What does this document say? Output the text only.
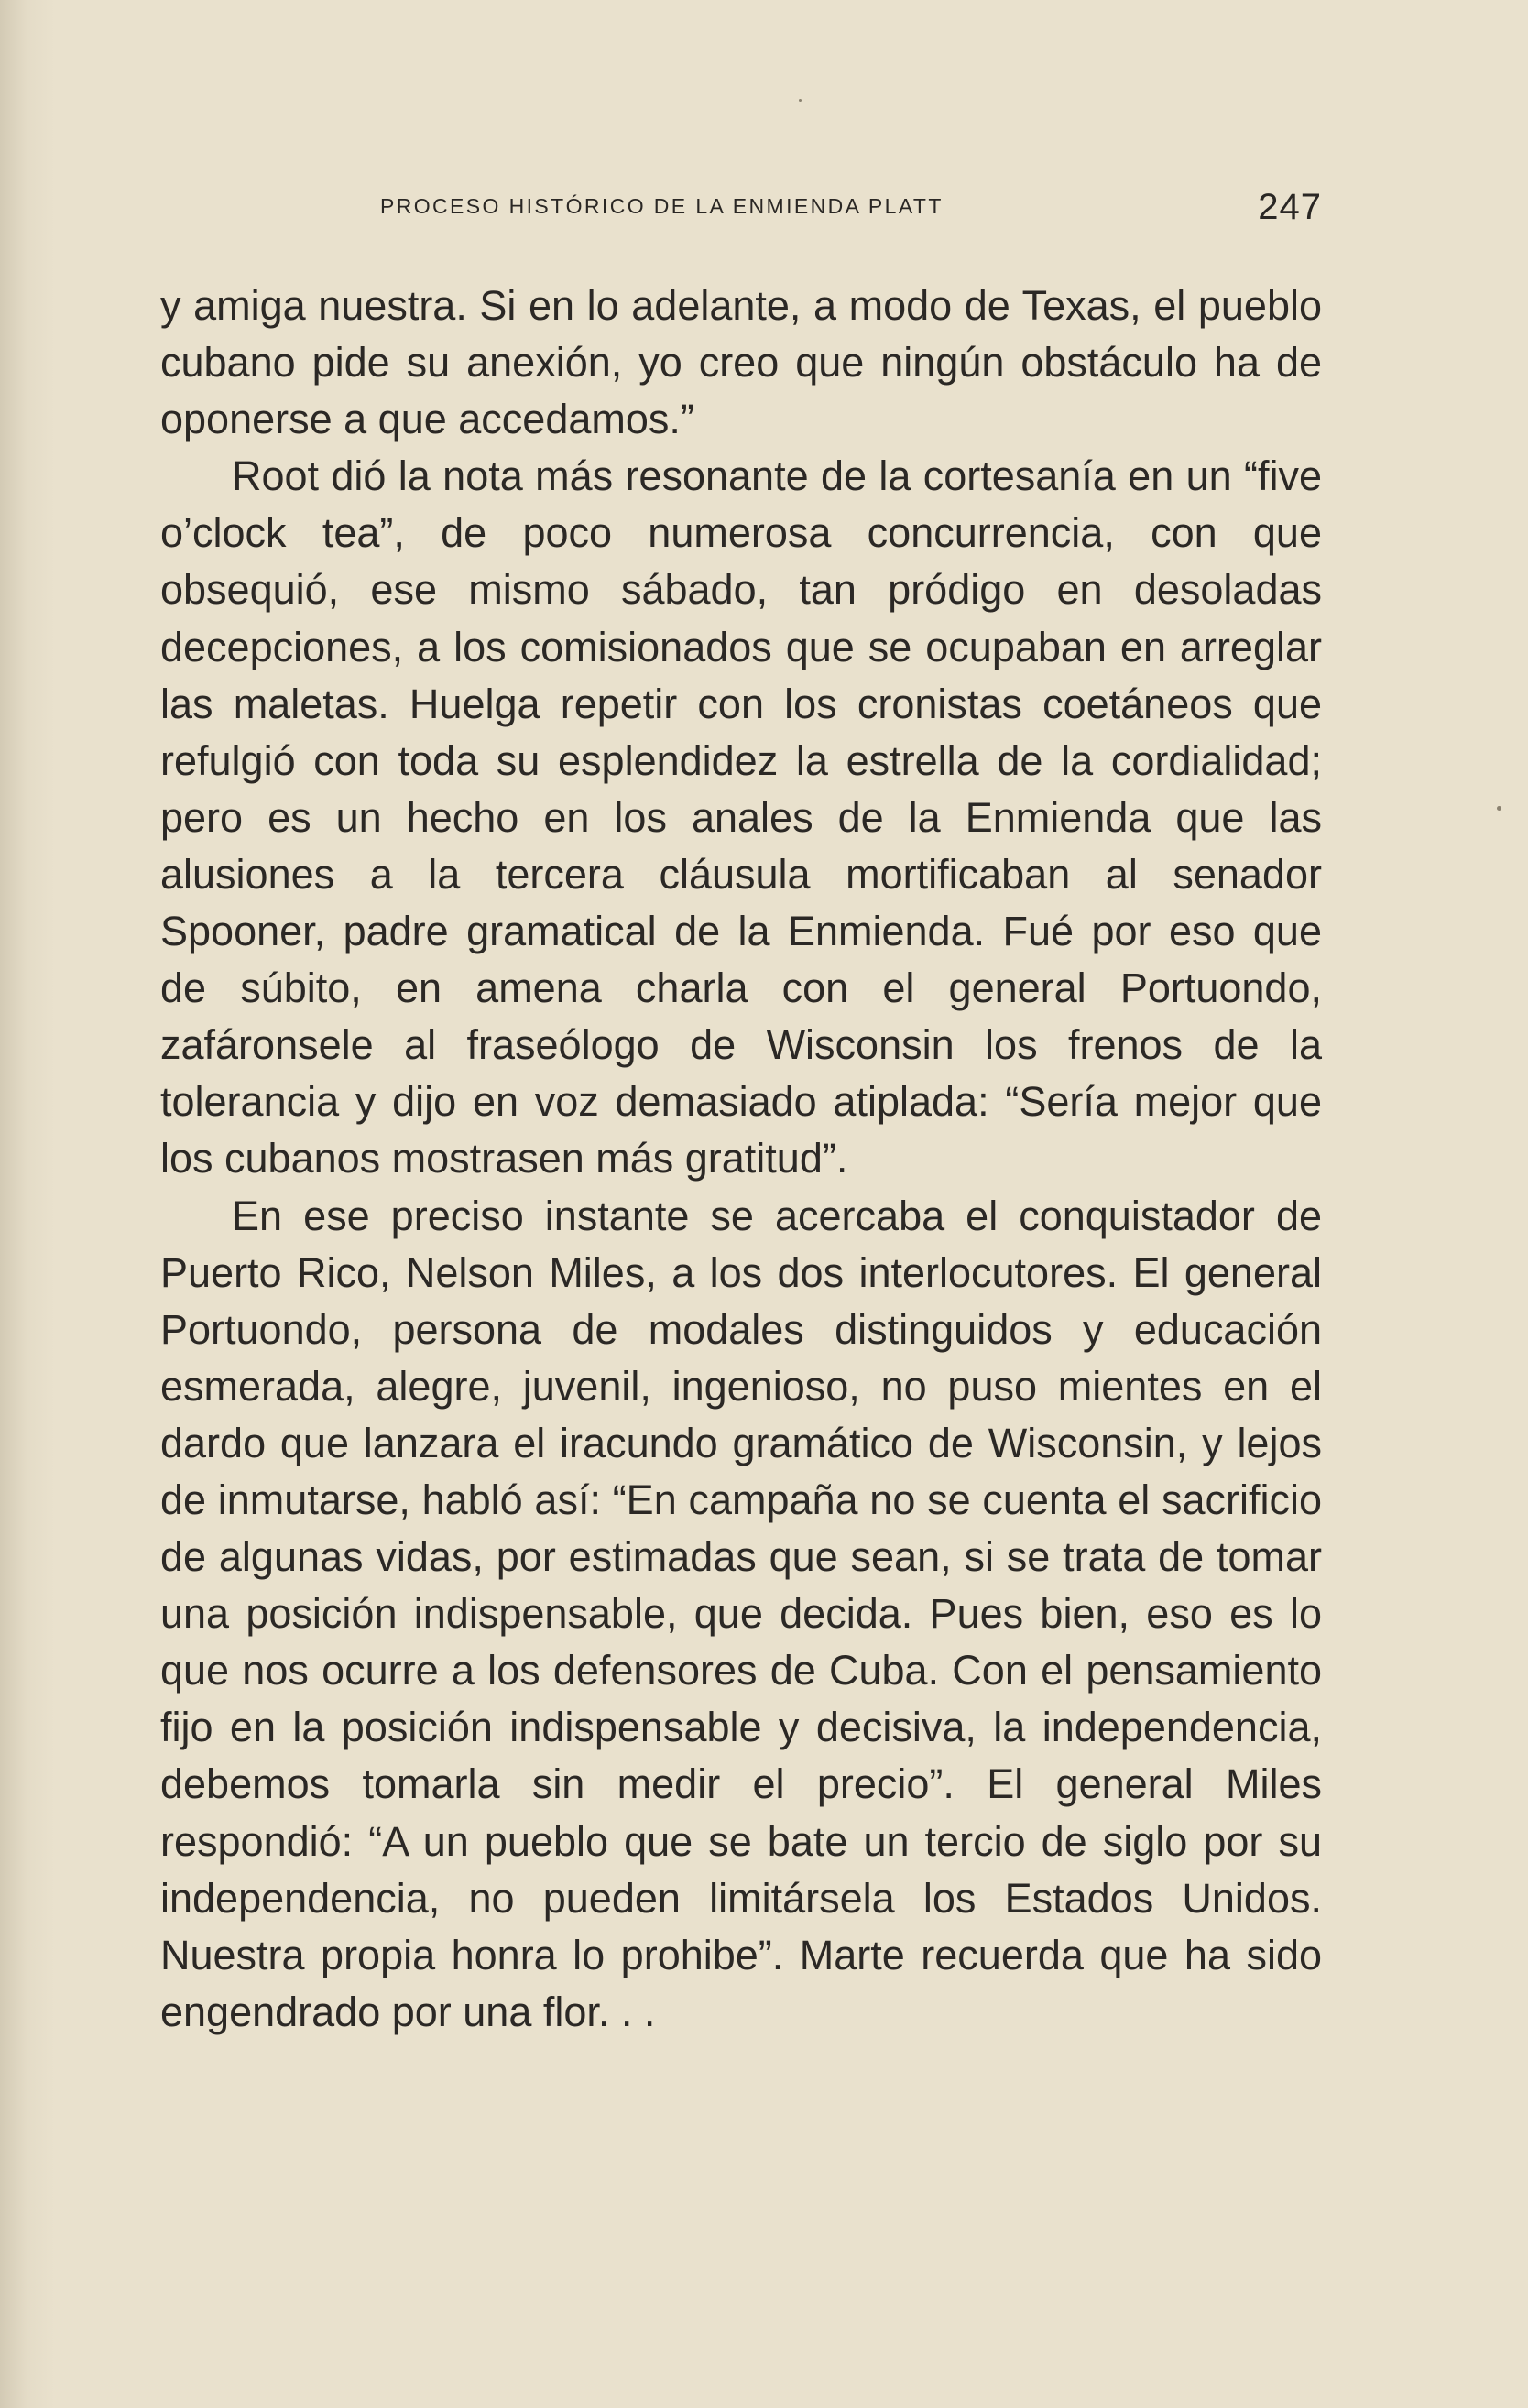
PROCESO HISTÓRICO DE LA ENMIENDA PLATT	247

y amiga nuestra. Si en lo adelante, a modo de Texas, el pueblo cubano pide su anexión, yo creo que ningún obstáculo ha de oponerse a que accedamos.”

Root dió la nota más resonante de la cortesanía en un “five o’clock tea”, de poco numerosa concurrencia, con que obsequió, ese mismo sábado, tan pródigo en desoladas decepciones, a los comisionados que se ocupaban en arreglar las maletas. Huelga repetir con los cronistas coetáneos que refulgió con toda su esplendidez la estrella de la cordialidad; pero es un hecho en los anales de la Enmienda que las alusiones a la tercera cláusula mortificaban al senador Spooner, padre gramatical de la Enmienda. Fué por eso que de súbito, en amena charla con el general Portuondo, zafáronsele al fraseólogo de Wisconsin los frenos de la tolerancia y dijo en voz demasiado atiplada: “Sería mejor que los cubanos mostrasen más gratitud”.

En ese preciso instante se acercaba el conquistador de Puerto Rico, Nelson Miles, a los dos interlocutores. El general Portuondo, persona de modales distinguidos y educación esmerada, alegre, juvenil, ingenioso, no puso mientes en el dardo que lanzara el iracundo gramático de Wisconsin, y lejos de inmutarse, habló así: “En campaña no se cuenta el sacrificio de algunas vidas, por estimadas que sean, si se trata de tomar una posición indispensable, que decida. Pues bien, eso es lo que nos ocurre a los defensores de Cuba. Con el pensamiento fijo en la posición indispensable y decisiva, la independencia, debemos tomarla sin medir el precio”. El general Miles respondió: “A un pueblo que se bate un tercio de siglo por su independencia, no pueden limitársela los Estados Unidos. Nuestra propia honra lo prohibe”. Marte recuerda que ha sido engendrado por una flor. . .
